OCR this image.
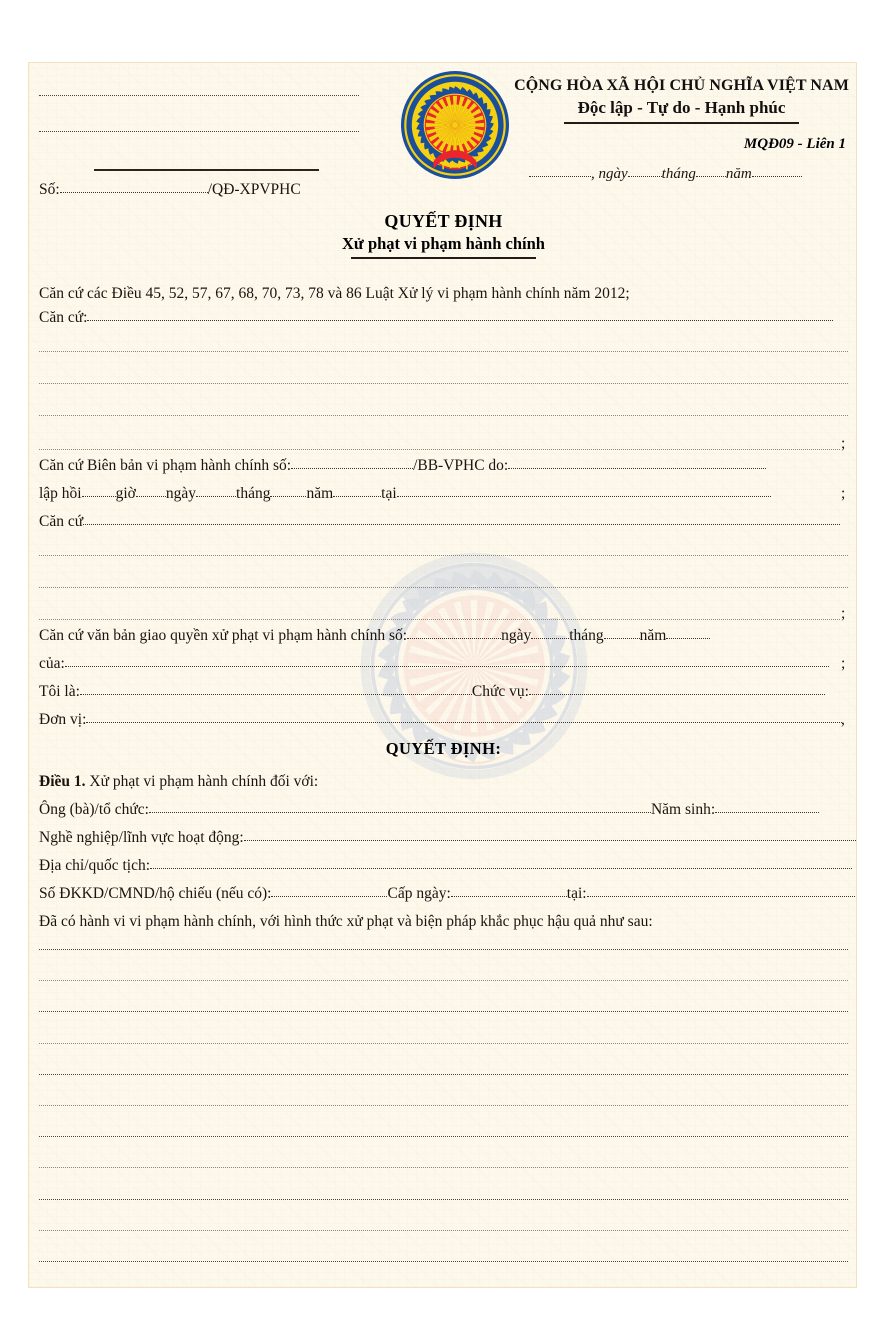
Số:	/QĐ-XPVPHC
CỘNG HÒA XÃ HỘI CHỦ NGHĨA VIỆT NAM
Độc lập - Tự do - Hạnh phúc
MQĐ09 - Liên 1
, ngày tháng năm
QUYẾT ĐỊNH
Xử phạt vi phạm hành chính
Căn cứ các Điều 45, 52, 57, 67, 68, 70, 73, 78 và 86 Luật Xử lý vi phạm hành chính năm 2012;
Căn cứ:
;
Căn cứ Biên bản vi phạm hành chính số:	/BB-VPHC do:
lập hồi giờ ngày	tháng năm	tại	;
Căn cứ
;
Căn cứ văn bản giao quyền xử phạt vi phạm hành chính số:	ngày tháng năm
của:	;
Tôi là:	Chức vụ:
Đơn vị:	,
QUYẾT ĐỊNH:
Điều 1. Xử phạt vi phạm hành chính đối với:
Ông (bà)/tổ chức:	Năm sinh:
Nghề nghiệp/lĩnh vực hoạt động:
Địa chỉ/quốc tịch:
Số ĐKKD/CMND/hộ chiếu (nếu có):	Cấp ngày:	tại:
Đã có hành vi vi phạm hành chính, với hình thức xử phạt và biện pháp khắc phục hậu quả như sau:
